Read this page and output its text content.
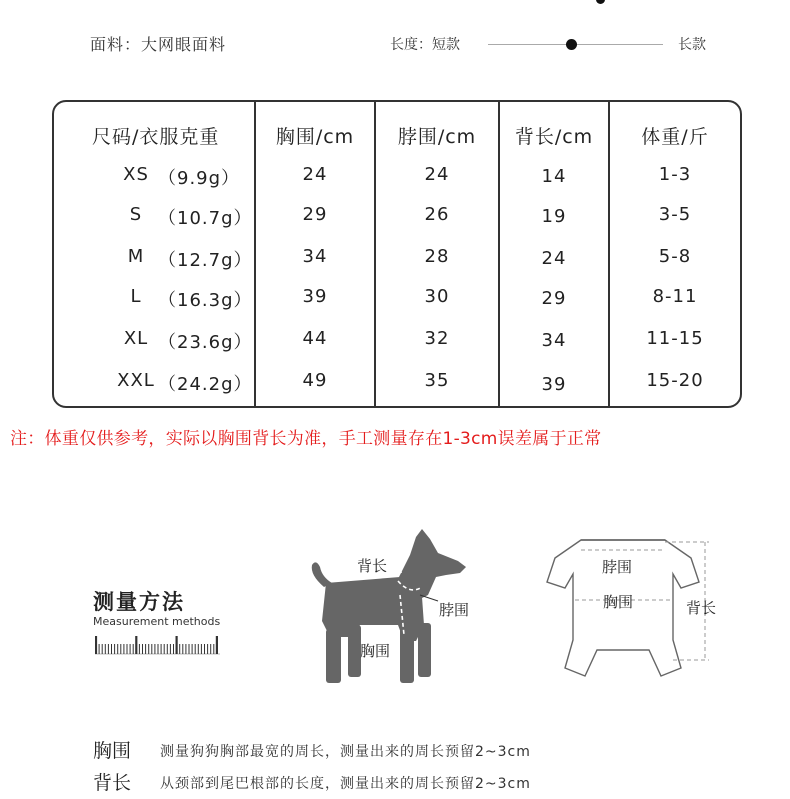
面料：大网眼面料	长度：短款	长款
尺码/衣服克重	胸围/cm	脖围/cm	背长/cm	体重/斤
XS （9.9g）	24	24	14	1-3
S （10.7g）	29	26	19	3-5
M （12.7g）	34	28	24	5-8
L （16.3g）	39	30	29	8-11
XL （23.6g）	44	32	34	11-15
XXL （24.2g）	49	35	39	15-20
注：体重仅供参考，实际以胸围背长为准，手工测量存在1-3cm误差属于正常
测量方法
Measurement methods
背长
脖围
胸围
脖围
胸围	背长
胸围 测量狗狗胸部最宽的周长，测量出来的周长预留2~3cm
背长 从颈部到尾巴根部的长度，测量出来的周长预留2~3cm
